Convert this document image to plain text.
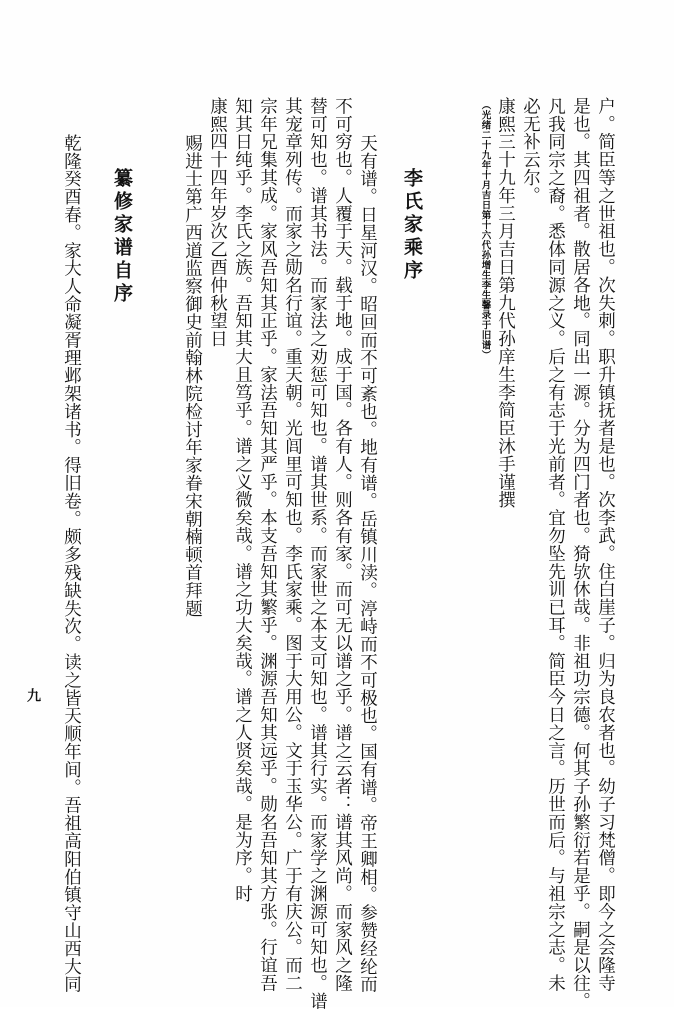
户。简臣等之世祖也。次失刺。职升镇抚者是也。次李武。住白崖子。归为良农者也。幼子习梵僧。即今之会隆寺
是也。其四祖者。散居各地。同出一源。分为四门者也。猗欤休哉。非祖功宗德。何其子孙繁衍若是乎。嗣是以往。
凡我同宗之裔。悉体同源之义。后之有志于光前者。宜勿坠先训已耳。简臣今日之言。历世而后。与祖宗之志。未
必无补云尔。
康熙三十九年三月吉日第九代孙庠生李简臣沐手谨撰
（光绪二十九年十月吉日第十六代孙增生李生馨录于旧谱）
李氏家乘序
天有谱。日星河汉。昭回而不可紊也。地有谱。岳镇川渎。渟峙而不可极也。国有谱。帝王卿相。参赞经纶而
不可穷也。人覆于天。载于地。成于国。各有人。则各有家。而可无以谱之乎。谱之云者：谱其风尚。而家风之隆
替可知也。谱其书法。而家法之劝惩可知也。谱其世系。而家世之本支可知也。谱其行实。而家学之渊源可知也。谱
其宠章列传。而家之勋名行谊。重天朝。光闾里可知也。李氏家乘。图于大用公。文于玉华公。广于有庆公。而二
宗年兄集其成。家风吾知其正乎。家法吾知其严乎。本支吾知其繁乎。渊源吾知其远乎。勋名吾知其方张。行谊吾
知其日纯乎。李氏之族。吾知其大且笃乎。谱之义微矣哉。谱之功大矣哉。谱之人贤矣哉。是为序。时
康熙四十四年岁次乙酉仲秋望日
赐进士第广西道监察御史前翰林院检讨年家眷宋朝楠顿首拜题
纂修家谱自序
乾隆癸酉春。家大人命凝胥理邺架诸书。得旧卷。颇多残缺失次。读之皆天顺年间。吾祖高阳伯镇守山西大同
九
